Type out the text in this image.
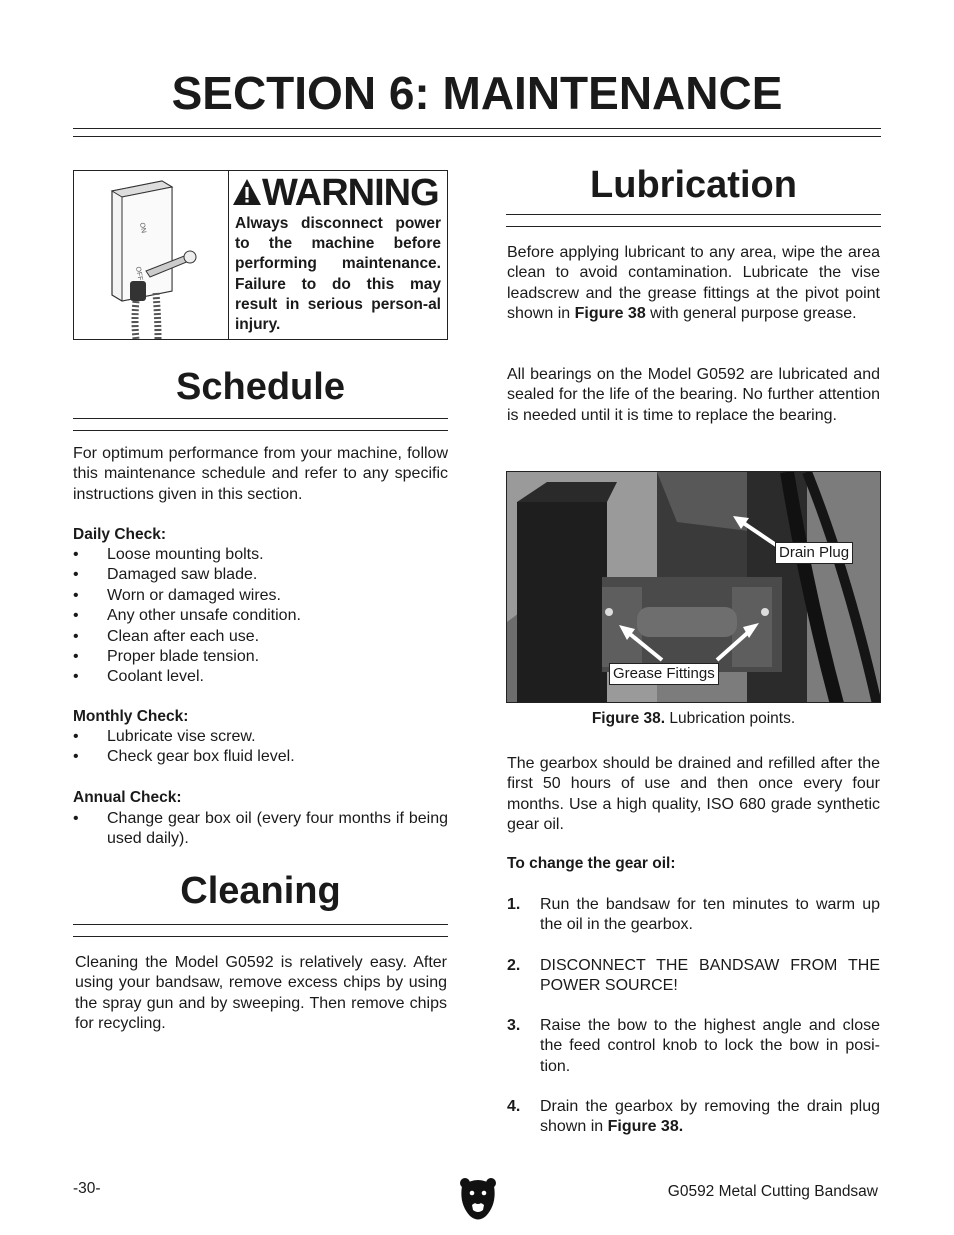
SECTION 6: MAINTENANCE
ON
OFF
WARNING
Always disconnect power to the machine before performing maintenance. Failure to do this may result in serious person-al injury.
Schedule

For optimum performance from your machine, follow this maintenance schedule and refer to any specific instructions given in this section.

Daily Check:
• Loose mounting bolts.
• Damaged saw blade.
• Worn or damaged wires.
• Any other unsafe condition.
• Clean after each use.
• Proper blade tension.
• Coolant level.
Monthly Check:
• Lubricate vise screw.
• Check gear box fluid level.
Annual Check:
• Change gear box oil (every four months if being used daily).
Cleaning

Cleaning the Model G0592 is relatively easy. After using your bandsaw, remove excess chips by using the spray gun and by sweeping. Then remove chips for recycling.

Lubrication

Before applying lubricant to any area, wipe the area clean to avoid contamination. Lubricate the vise leadscrew and the grease fittings at the pivot point shown in Figure 38 with general purpose grease.

All bearings on the Model G0592 are lubricated and sealed for the life of the bearing. No further attention is needed until it is time to replace the bearing.

Drain Plug
Grease Fittings
Figure 38. Lubrication points.

The gearbox should be drained and refilled after the first 50 hours of use and then once every four months. Use a high quality, ISO 680 grade synthetic gear oil.

To change the gear oil:
1. Run the bandsaw for ten minutes to warm up the oil in the gearbox.
2. DISCONNECT THE BANDSAW FROM THE POWER SOURCE!
3. Raise the bow to the highest angle and close the feed control knob to lock the bow in posi-tion.
4. Drain the gearbox by removing the drain plug shown in Figure 38.
-30-	G0592 Metal Cutting Bandsaw
